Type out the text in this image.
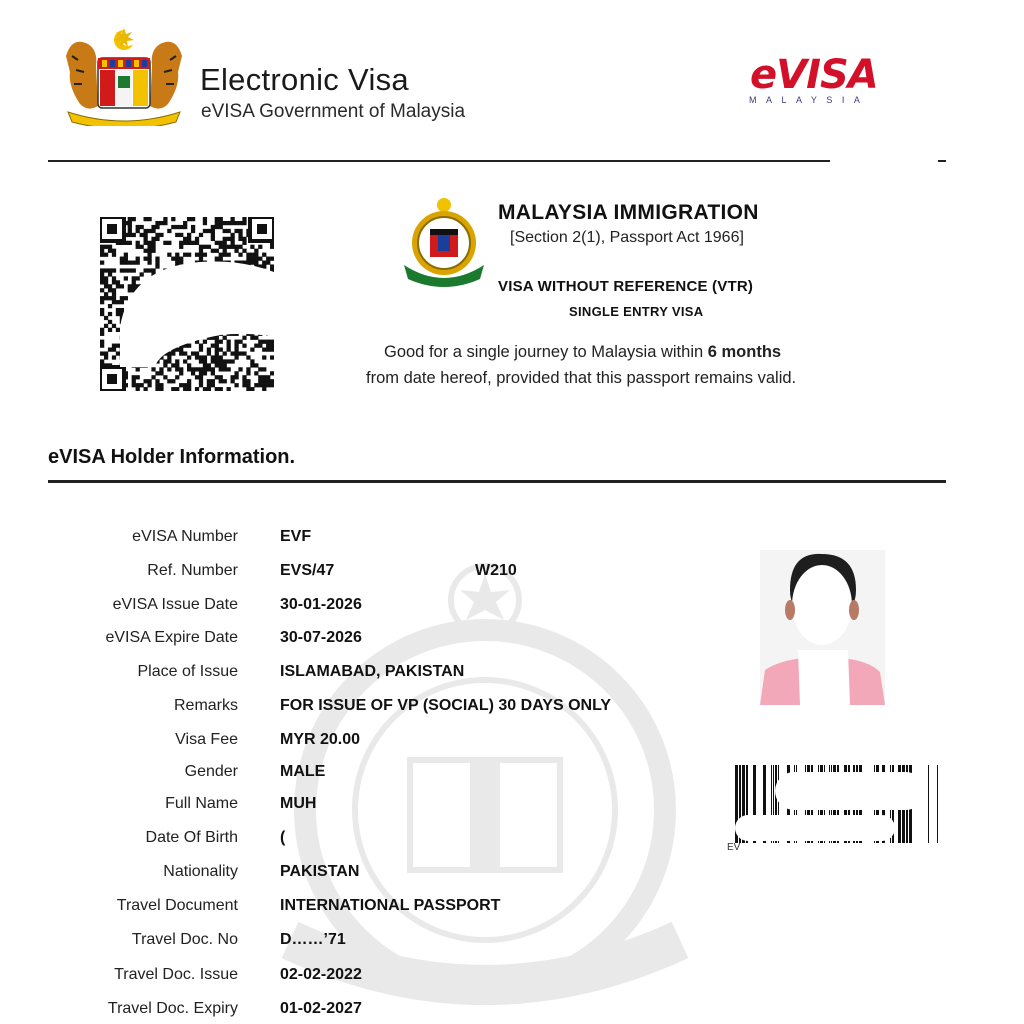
Electronic Visa
eVISA Government of Malaysia
eVISA
MALAYSIA
MALAYSIA IMMIGRATION
[Section 2(1), Passport Act 1966]
VISA WITHOUT REFERENCE (VTR)
SINGLE ENTRY VISA
Good for a single journey to Malaysia within 6 months
from date hereof, provided that this passport remains valid.
eVISA Holder Information.
eVISA Number	EVF
Ref. Number	EVS/47	W210
eVISA Issue Date	30-01-2026
eVISA Expire Date	30-07-2026
Place of Issue	ISLAMABAD, PAKISTAN
Remarks	FOR ISSUE OF VP (SOCIAL) 30 DAYS ONLY
Visa Fee	MYR 20.00
Gender	MALE
Full Name	MUH
Date Of Birth	(
Nationality	PAKISTAN
Travel Document	INTERNATIONAL PASSPORT
Travel Doc. No	D……’71
Travel Doc. Issue	02-02-2022
Travel Doc. Expiry	01-02-2027
EV
